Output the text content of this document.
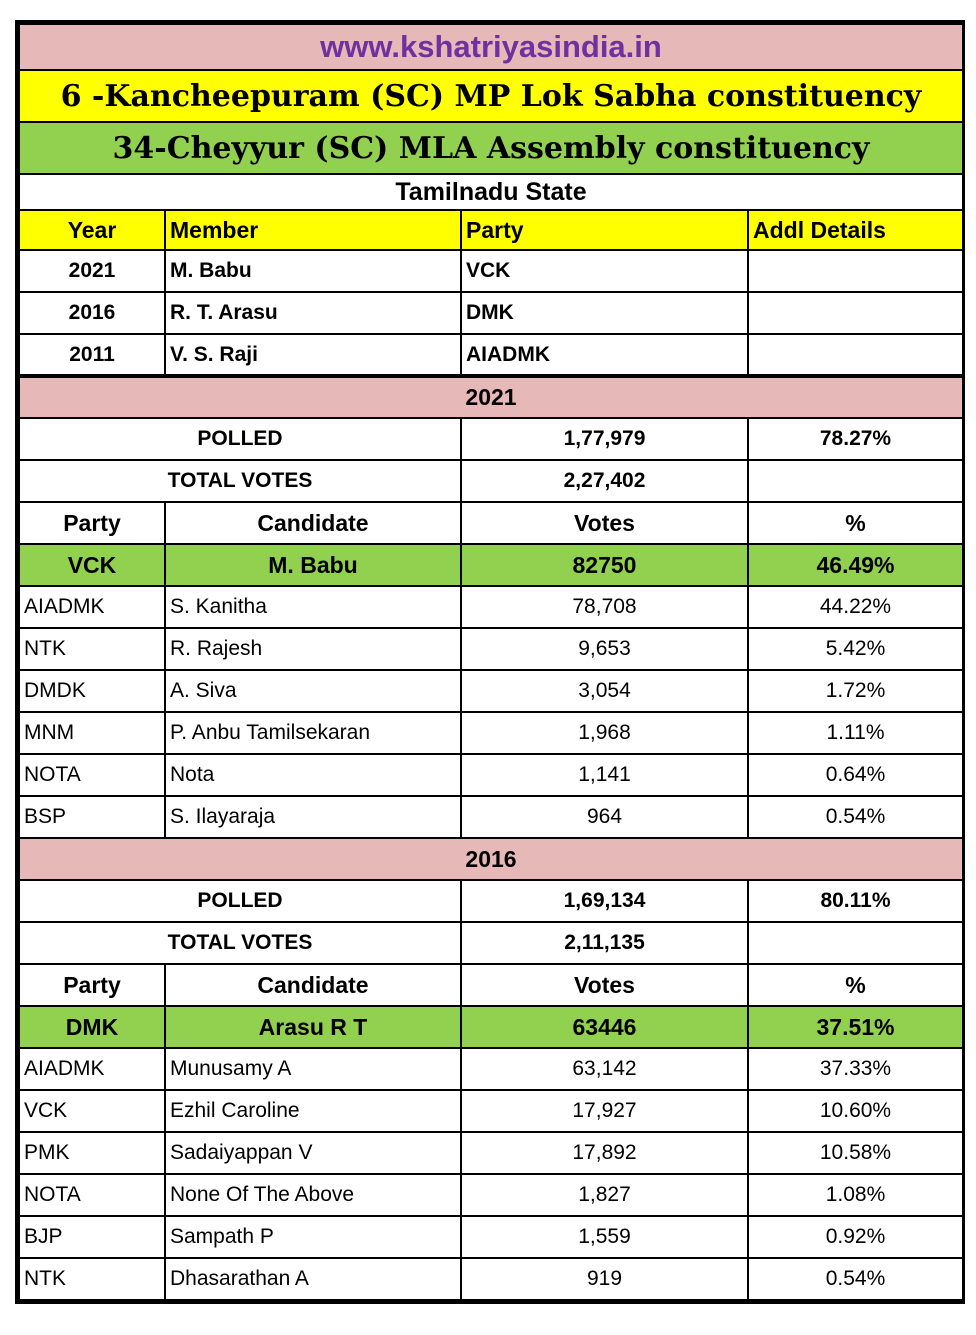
www.kshatriyasindia.in			
6 -Kancheepuram (SC) MP Lok Sabha constituency			
34-Cheyyur (SC) MLA Assembly constituency			
Tamilnadu State			
Year	Member	Party	Addl Details
2021	M. Babu	VCK	
2016	R. T. Arasu	DMK	
2011	V. S. Raji	AIADMK	
2021			
POLLED		1,77,979	78.27%
TOTAL VOTES		2,27,402	
Party	Candidate	Votes	%
VCK	M. Babu	82750	46.49%
AIADMK	S. Kanitha	78,708	44.22%
NTK	R. Rajesh	9,653	5.42%
DMDK	A. Siva	3,054	1.72%
MNM	P. Anbu Tamilsekaran	1,968	1.11%
NOTA	Nota	1,141	0.64%
BSP	S. Ilayaraja	964	0.54%
2016			
POLLED		1,69,134	80.11%
TOTAL VOTES		2,11,135	
Party	Candidate	Votes	%
DMK	Arasu R T	63446	37.51%
AIADMK	Munusamy A	63,142	37.33%
VCK	Ezhil Caroline	17,927	10.60%
PMK	Sadaiyappan V	17,892	10.58%
NOTA	None Of The Above	1,827	1.08%
BJP	Sampath P	1,559	0.92%
NTK	Dhasarathan A	919	0.54%
